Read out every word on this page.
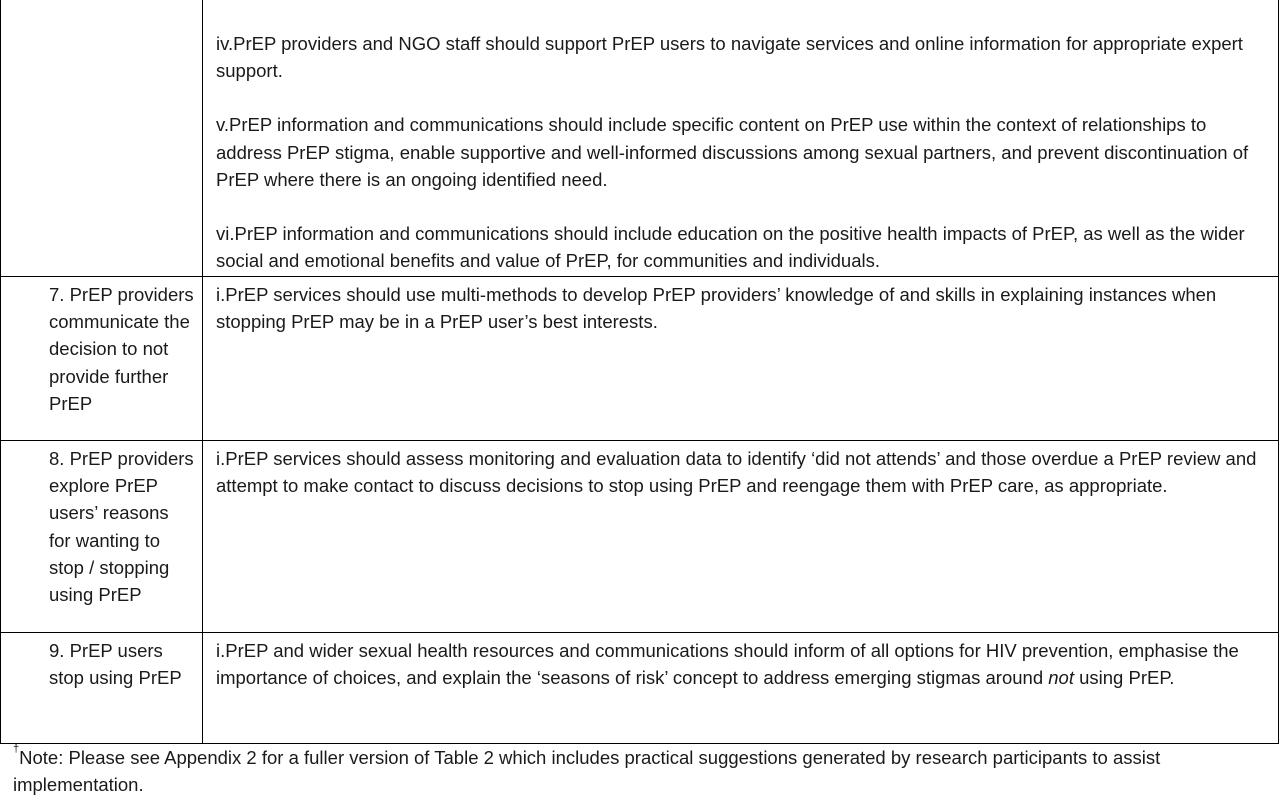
iv.PrEP providers and NGO staff should support PrEP users to navigate services and online information for appropriate expert support.

v.PrEP information and communications should include specific content on PrEP use within the context of relationships to address PrEP stigma, enable supportive and well-informed discussions among sexual partners, and prevent discontinuation of PrEP where there is an ongoing identified need.

vi.PrEP information and communications should include education on the positive health impacts of PrEP, as well as the wider social and emotional benefits and value of PrEP, for communities and individuals.

7. PrEP providers communicate the decision to not provide further PrEP

i.PrEP services should use multi-methods to develop PrEP providers’ knowledge of and skills in explaining instances when stopping PrEP may be in a PrEP user’s best interests.

8. PrEP providers explore PrEP users’ reasons for wanting to stop / stopping using PrEP

i.PrEP services should assess monitoring and evaluation data to identify ‘did not attends’ and those overdue a PrEP review and attempt to make contact to discuss decisions to stop using PrEP and reengage them with PrEP care, as appropriate.

9. PrEP users stop using PrEP

i.PrEP and wider sexual health resources and communications should inform of all options for HIV prevention, emphasise the importance of choices, and explain the ‘seasons of risk’ concept to address emerging stigmas around not using PrEP.

†Note: Please see Appendix 2 for a fuller version of Table 2 which includes practical suggestions generated by research participants to assist implementation.
